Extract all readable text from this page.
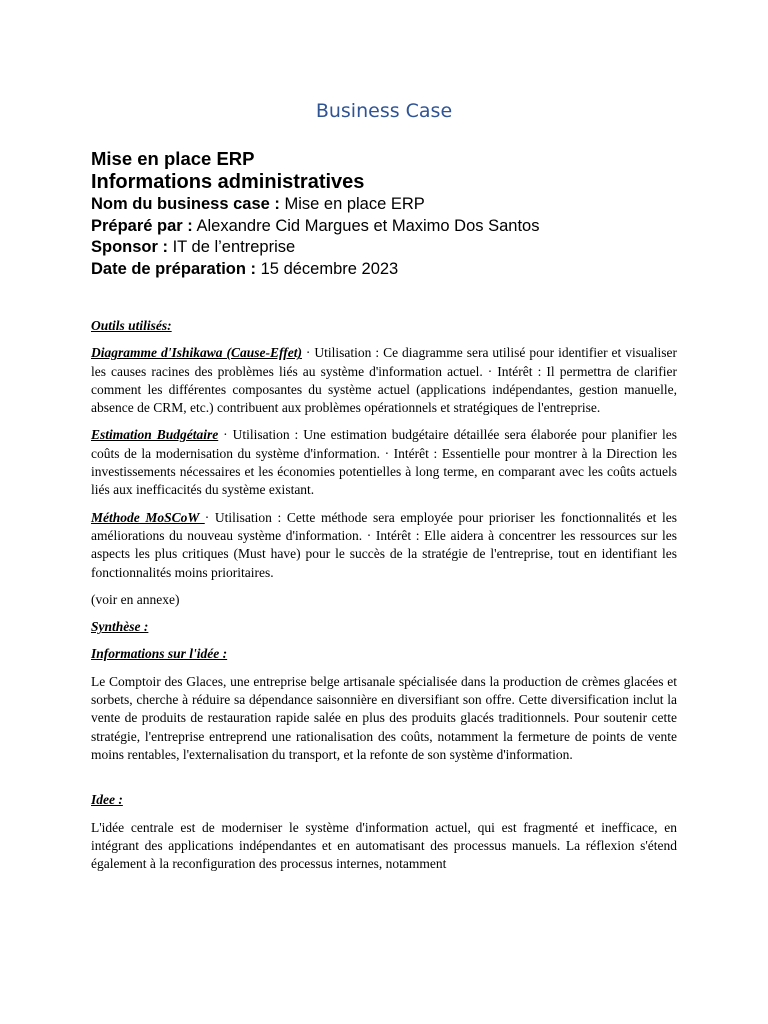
Business Case
Mise en place ERP
Informations administratives
Nom du business case : Mise en place ERP
Préparé par : Alexandre Cid Margues et Maximo Dos Santos
Sponsor : IT de l’entreprise
Date de préparation : 15 décembre 2023

Outils utilisés:

Diagramme d'Ishikawa (Cause-Effet) · Utilisation : Ce diagramme sera utilisé pour identifier et visualiser les causes racines des problèmes liés au système d'information actuel. · Intérêt : Il permettra de clarifier comment les différentes composantes du système actuel (applications indépendantes, gestion manuelle, absence de CRM, etc.) contribuent aux problèmes opérationnels et stratégiques de l'entreprise.

Estimation Budgétaire · Utilisation : Une estimation budgétaire détaillée sera élaborée pour planifier les coûts de la modernisation du système d'information. · Intérêt : Essentielle pour montrer à la Direction les investissements nécessaires et les économies potentielles à long terme, en comparant avec les coûts actuels liés aux inefficacités du système existant.

Méthode MoSCoW · Utilisation : Cette méthode sera employée pour prioriser les fonctionnalités et les améliorations du nouveau système d'information. · Intérêt : Elle aidera à concentrer les ressources sur les aspects les plus critiques (Must have) pour le succès de la stratégie de l'entreprise, tout en identifiant les fonctionnalités moins prioritaires.

(voir en annexe)

Synthèse :

Informations sur l'idée :

Le Comptoir des Glaces, une entreprise belge artisanale spécialisée dans la production de crèmes glacées et sorbets, cherche à réduire sa dépendance saisonnière en diversifiant son offre. Cette diversification inclut la vente de produits de restauration rapide salée en plus des produits glacés traditionnels. Pour soutenir cette stratégie, l'entreprise entreprend une rationalisation des coûts, notamment la fermeture de points de vente moins rentables, l'externalisation du transport, et la refonte de son système d'information.

Idee :

L'idée centrale est de moderniser le système d'information actuel, qui est fragmenté et inefficace, en intégrant des applications indépendantes et en automatisant des processus manuels. La réflexion s'étend également à la reconfiguration des processus internes, notamment
